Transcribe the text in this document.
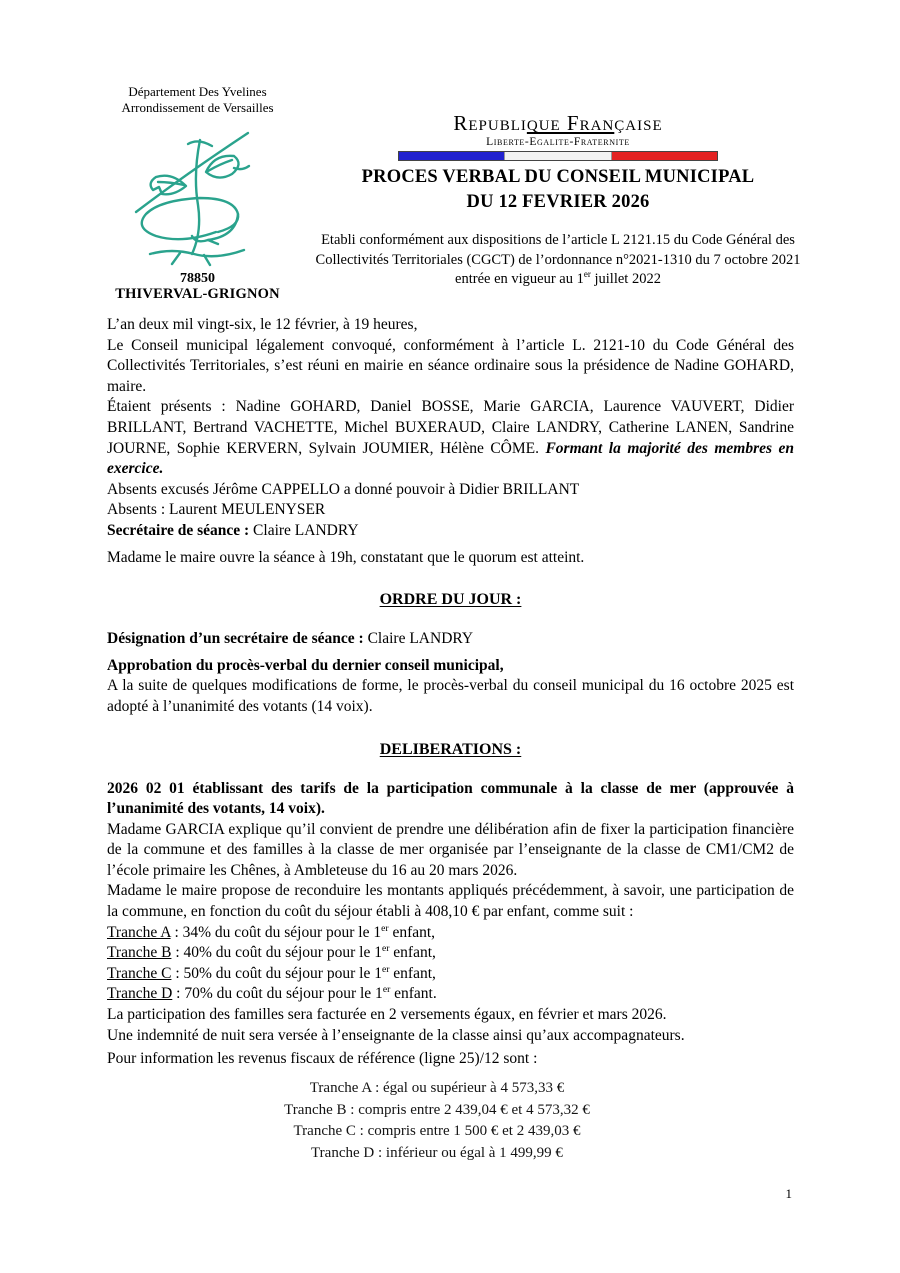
Département Des Yvelines
Arrondissement de Versailles
78850
THIVERVAL-GRIGNON
Republique Française
Liberte-Egalite-Fraternite
PROCES VERBAL DU CONSEIL MUNICIPAL
DU 12 FEVRIER 2026
Etabli conformément aux dispositions de l’article L 2121.15 du Code Général des Collectivités Territoriales (CGCT) de l’ordonnance n°2021-1310 du 7 octobre 2021 entrée en vigueur au 1er juillet 2022

L’an deux mil vingt-six, le 12 février, à 19 heures,

Le Conseil municipal légalement convoqué, conformément à l’article L. 2121-10 du Code Général des Collectivités Territoriales, s’est réuni en mairie en séance ordinaire sous la présidence de Nadine GOHARD, maire.

Étaient présents : Nadine GOHARD, Daniel BOSSE, Marie GARCIA, Laurence VAUVERT, Didier BRILLANT, Bertrand VACHETTE, Michel BUXERAUD, Claire LANDRY, Catherine LANEN, Sandrine JOURNE, Sophie KERVERN, Sylvain JOUMIER, Hélène CÔME. Formant la majorité des membres en exercice.

Absents excusés Jérôme CAPPELLO a donné pouvoir à Didier BRILLANT

Absents : Laurent MEULENYSER

Secrétaire de séance : Claire LANDRY

Madame le maire ouvre la séance à 19h, constatant que le quorum est atteint.

ORDRE DU JOUR :

Désignation d’un secrétaire de séance : Claire LANDRY

Approbation du procès-verbal du dernier conseil municipal,

A la suite de quelques modifications de forme, le procès-verbal du conseil municipal du 16 octobre 2025 est adopté à l’unanimité des votants (14 voix).

DELIBERATIONS :

2026 02 01 établissant des tarifs de la participation communale à la classe de mer (approuvée à l’unanimité des votants, 14 voix).

Madame GARCIA explique qu’il convient de prendre une délibération afin de fixer la participation financière de la commune et des familles à la classe de mer organisée par l’enseignante de la classe de CM1/CM2 de l’école primaire les Chênes, à Ambleteuse du 16 au 20 mars 2026.

Madame le maire propose de reconduire les montants appliqués précédemment, à savoir, une participation de la commune, en fonction du coût du séjour établi à 408,10 € par enfant, comme suit :

Tranche A : 34% du coût du séjour pour le 1er enfant,

Tranche B : 40% du coût du séjour pour le 1er enfant,

Tranche C : 50% du coût du séjour pour le 1er enfant,

Tranche D : 70% du coût du séjour pour le 1er enfant.

La participation des familles sera facturée en 2 versements égaux, en février et mars 2026.

Une indemnité de nuit sera versée à l’enseignante de la classe ainsi qu’aux accompagnateurs.

Pour information les revenus fiscaux de référence (ligne 25)/12 sont :

Tranche A : égal ou supérieur à 4 573,33 €
Tranche B : compris entre 2 439,04 € et 4 573,32 €
Tranche C : compris entre 1 500 € et 2 439,03 €
Tranche D : inférieur ou égal à 1 499,99 €
1
